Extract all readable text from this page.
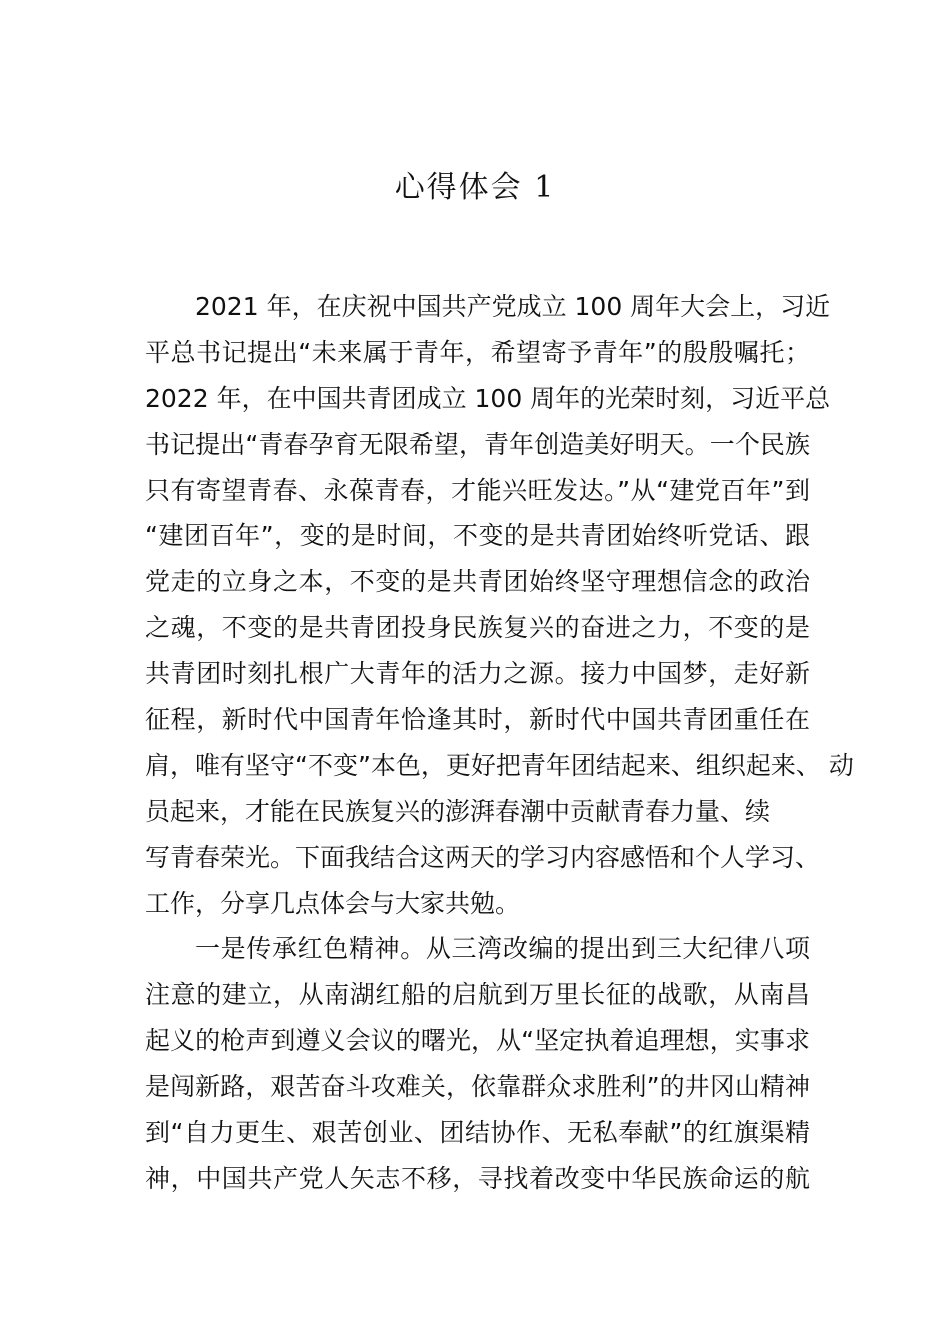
心得体会 1
2021 年，在庆祝中国共产党成立 100 周年大会上，习近
平总书记提出“未来属于青年，希望寄予青年”的殷殷嘱托；
2022 年，在中国共青团成立 100 周年的光荣时刻，习近平总
书记提出“青春孕育无限希望，青年创造美好明天。一个民族
只有寄望青春、永葆青春，才能兴旺发达。”从“建党百年”到
“建团百年”，变的是时间，不变的是共青团始终听党话、跟
党走的立身之本，不变的是共青团始终坚守理想信念的政治
之魂，不变的是共青团投身民族复兴的奋进之力，不变的是
共青团时刻扎根广大青年的活力之源。接力中国梦，走好新
征程，新时代中国青年恰逢其时，新时代中国共青团重任在
肩，唯有坚守“不变”本色，更好把青年团结起来、组织起来、 动
员起来，才能在民族复兴的澎湃春潮中贡献青春力量、续
写青春荣光。下面我结合这两天的学习内容感悟和个人学习、
工作，分享几点体会与大家共勉。
一是传承红色精神。从三湾改编的提出到三大纪律八项
注意的建立，从南湖红船的启航到万里长征的战歌，从南昌
起义的枪声到遵义会议的曙光，从“坚定执着追理想，实事求
是闯新路，艰苦奋斗攻难关，依靠群众求胜利”的井冈山精神
到“自力更生、艰苦创业、团结协作、无私奉献”的红旗渠精
神，中国共产党人矢志不移，寻找着改变中华民族命运的航
